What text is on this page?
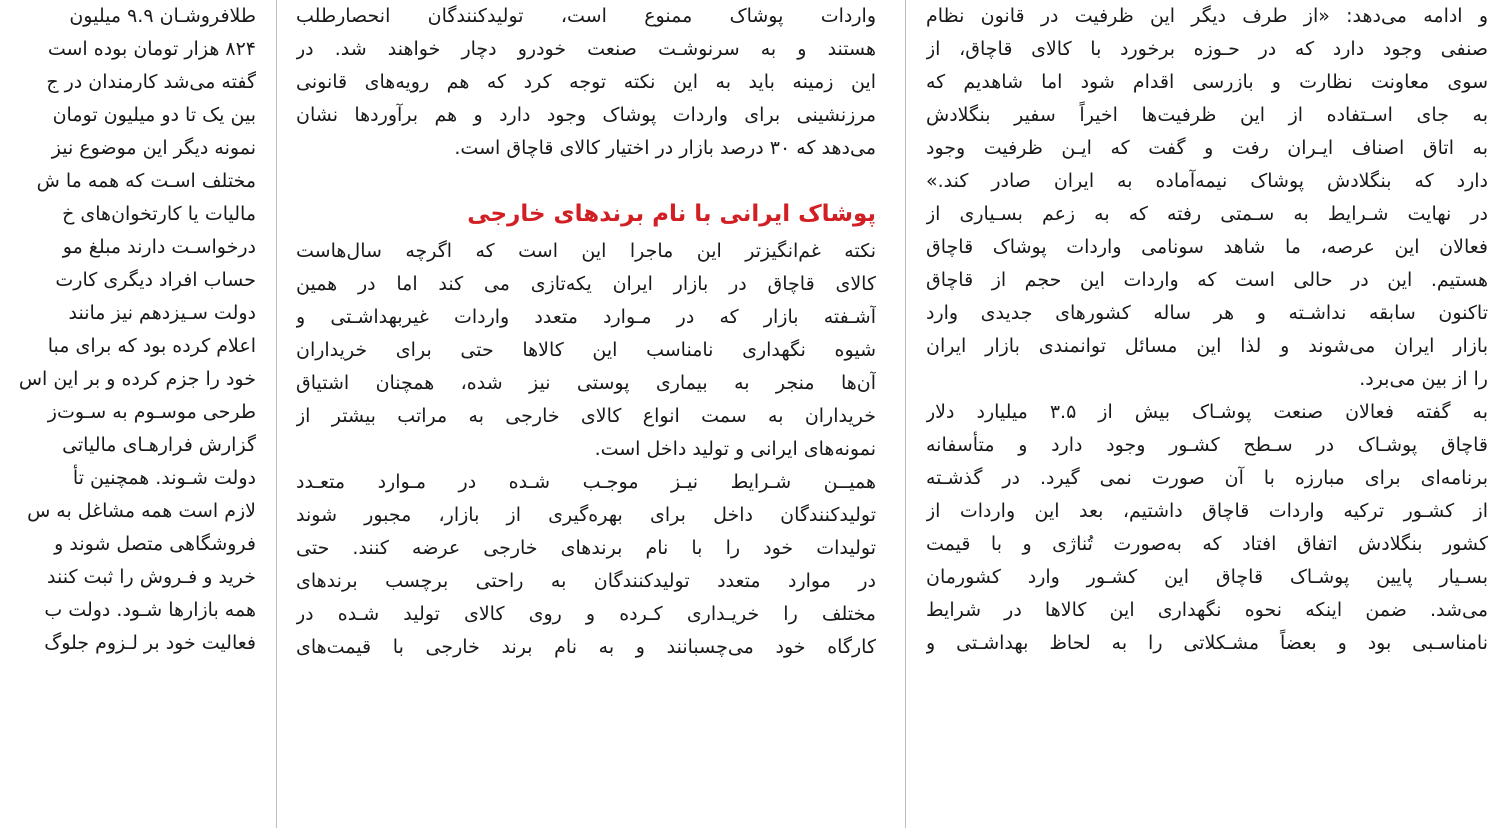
و ادامه می‌دهد: «از طرف دیگر این ظرفیت در قانون نظام

صنفی وجود دارد که در حـوزه برخورد با کالای قاچاق، از

سوی معاونت نظارت و بازرسی اقدام شود اما شاهدیم که

به جای اسـتفاده از این ظرفیت‌ها اخیراً سفیر بنگلادش

به اتاق اصناف ایـران رفت و گفت که ایـن ظرفیت وجود

دارد که بنگلادش پوشاک نیمه‌آماده به ایران صادر کند.»

در نهایت شـرایط به سـمتی رفته که به زعم بسـیاری از

فعالان این عرصه، ما شاهد سونامی واردات پوشاک قاچاق

هستیم. این در حالی است که واردات این حجم از قاچاق

تاکنون سابقه نداشـته و هر ساله کشورهای جدیدی وارد

بازار ایران می‌شوند و لذا این مسائل توانمندی بازار ایران

را از بین می‌برد.

به گفته فعالان صنعت پوشـاک بیش از ۳.۵ میلیارد دلار

قاچاق پوشـاک در سـطح کشـور وجود دارد و متأسفانه

برنامه‌ای برای مبارزه با آن صورت نمی‌ گیرد. در گذشـته

از کشـور ترکیه واردات قاچاق داشتیم، بعد این واردات از

کشور بنگلادش اتفاق افتاد که به‌صورت تُناژی و با قیمت

بسـیار پایین پوشـاک قاچاق این کشـور وارد کشورمان

می‌شد. ضمن اینکه نحوه نگهداری این کالاها در شرایط

نامناسـبی بود و بعضاً مشـکلاتی را به لحاظ بهداشـتی و

واردات پوشاک ممنوع است، تولیدکنندگان انحصارطلب

هستند و به سرنوشـت صنعت خودرو دچار خواهند شد. در

این زمینه باید به این نکته توجه کرد که هم رویه‌های قانونی

مرزنشینی برای واردات پوشاک وجود دارد و هم برآوردها نشان

می‌دهد که ۳۰ درصد بازار در اختیار کالای قاچاق است.

پوشاک ایرانی با نام برندهای خارجی

نکته غم‌انگیزتر این ماجرا این است که اگرچه سال‌هاست

کالای قاچاق در بازار ایران یکه‌تازی می‌ کند اما در همین

آشـفته بازار که در مـوارد متعدد واردات غیربهداشـتی و

شیوه نگهداری نامناسب این کالاها حتی برای خریداران

آن‌ها منجر به بیماری پوستی نیز شده، همچنان اشتیاق

خریداران به سمت انواع کالای خارجی به مراتب بیشتر از

نمونه‌های ایرانی و تولید داخل است.

همیــن شـرایط نیـز موجـب شـده در مـوارد متعـدد

تولیدکنندگان داخل برای بهره‌گیری از بازار، مجبور شوند

تولیدات خود را با نام برندهای خارجی عرضه کنند. حتی

در موارد متعدد تولیدکنندگان به راحتی برچسب برندهای

مختلف را خریـداری کـرده و روی کالای تولید شـده در

کارگاه خود می‌چسبانند و به نام برند خارجی با قیمت‌های

طلافروشـان ۹.۹ میلیون
۸۲۴ هزار تومان بوده است
گفته می‌شد کارمندان در ج
بین یک تا دو میلیون تومان
نمونه دیگر این موضوع نیز
مختلف اسـت که همه ما ش
مالیات یا کارتخوان‌های خ
درخواسـت دارند مبلغ مو
حساب افراد دیگری کارت
دولت سـیزدهم نیز مانند
اعلام کرده بود که برای مبا
خود را جزم کرده و بر این اس
طرحی موسـوم به سـوت‌ز
گزارش فرارهـای مالیاتی
دولت شـوند. همچنین تأ
لازم است همه مشاغل به س
فروشگاهی متصل شوند و
خرید و فـروش را ثبت کنند
همه بازارها شـود. دولت ب
فعالیت خود بر لـزوم جلوگ
